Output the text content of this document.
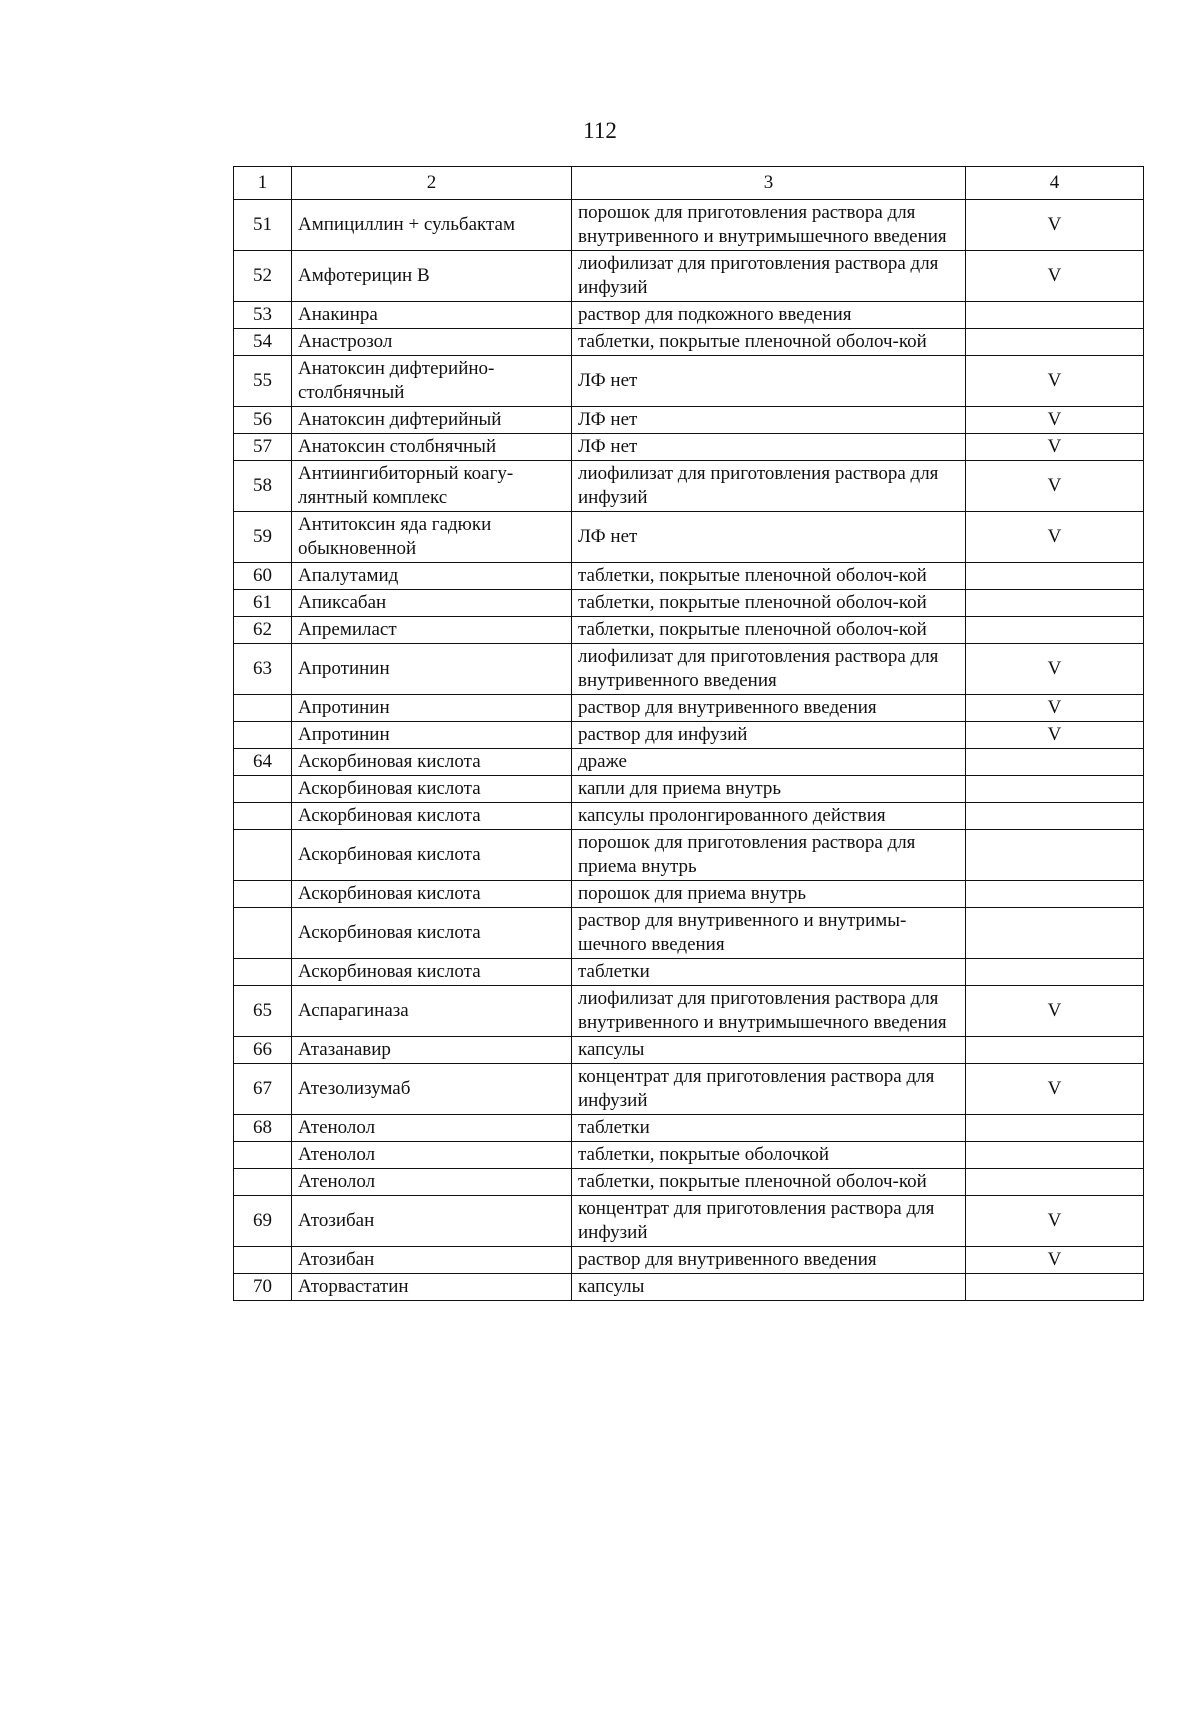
112
1	2	3	4
51	Ампициллин + сульбактам	порошок для приготовления раствора для внутривенного и внутримышечного введения	V
52	Амфотерицин B	лиофилизат для приготовления раствора для инфузий	V
53	Анакинра	раствор для подкожного введения	
54	Анастрозол	таблетки, покрытые пленочной оболоч-кой	
55	Анатоксин дифтерийно-столбнячный	ЛФ нет	V
56	Анатоксин дифтерийный	ЛФ нет	V
57	Анатоксин столбнячный	ЛФ нет	V
58	Антиингибиторный коагу-лянтный комплекс	лиофилизат для приготовления раствора для инфузий	V
59	Антитоксин яда гадюки обыкновенной	ЛФ нет	V
60	Апалутамид	таблетки, покрытые пленочной оболоч-кой	
61	Апиксабан	таблетки, покрытые пленочной оболоч-кой	
62	Апремиласт	таблетки, покрытые пленочной оболоч-кой	
63	Апротинин	лиофилизат для приготовления раствора для внутривенного введения	V
	Апротинин	раствор для внутривенного введения	V
	Апротинин	раствор для инфузий	V
64	Аскорбиновая кислота	драже	
	Аскорбиновая кислота	капли для приема внутрь	
	Аскорбиновая кислота	капсулы пролонгированного действия	
	Аскорбиновая кислота	порошок для приготовления раствора для приема внутрь	
	Аскорбиновая кислота	порошок для приема внутрь	
	Аскорбиновая кислота	раствор для внутривенного и внутримы-шечного введения	
	Аскорбиновая кислота	таблетки	
65	Аспарагиназа	лиофилизат для приготовления раствора для внутривенного и внутримышечного введения	V
66	Атазанавир	капсулы	
67	Атезолизумаб	концентрат для приготовления раствора для инфузий	V
68	Атенолол	таблетки	
	Атенолол	таблетки, покрытые оболочкой	
	Атенолол	таблетки, покрытые пленочной оболоч-кой	
69	Атозибан	концентрат для приготовления раствора для инфузий	V
	Атозибан	раствор для внутривенного введения	V
70	Аторвастатин	капсулы	
